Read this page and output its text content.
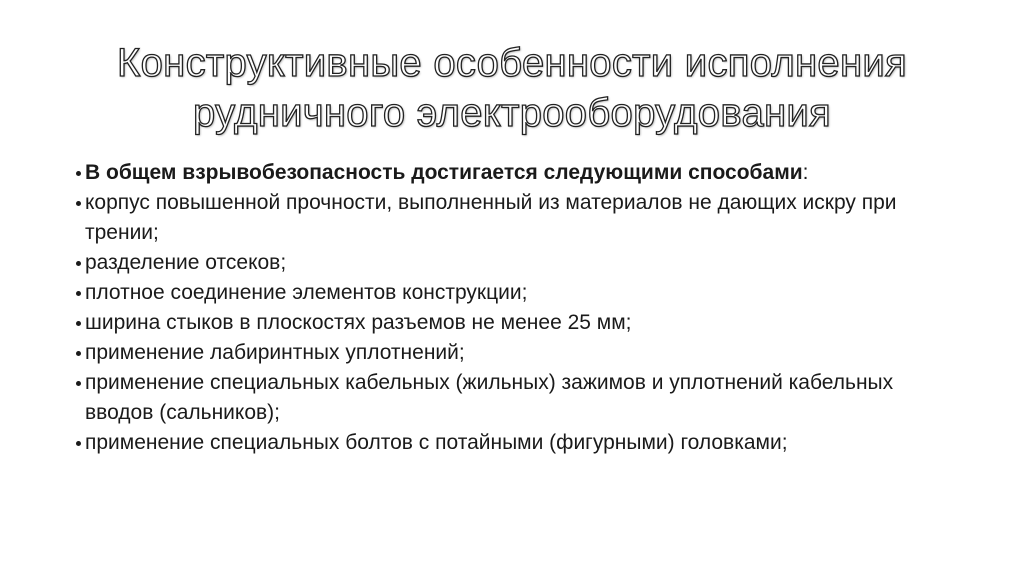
Конструктивные особенности исполнения
рудничного электрооборудования
В общем взрывобезопасность достигается следующими способами:
корпус повышенной прочности, выполненный из материалов не дающих искру при трении;
разделение отсеков;
плотное соединение элементов конструкции;
ширина стыков в плоскостях разъемов не менее 25 мм;
применение лабиринтных уплотнений;
применение специальных кабельных (жильных) зажимов и уплотнений кабельных вводов (сальников);
применение специальных болтов с потайными (фигурными) головками;
